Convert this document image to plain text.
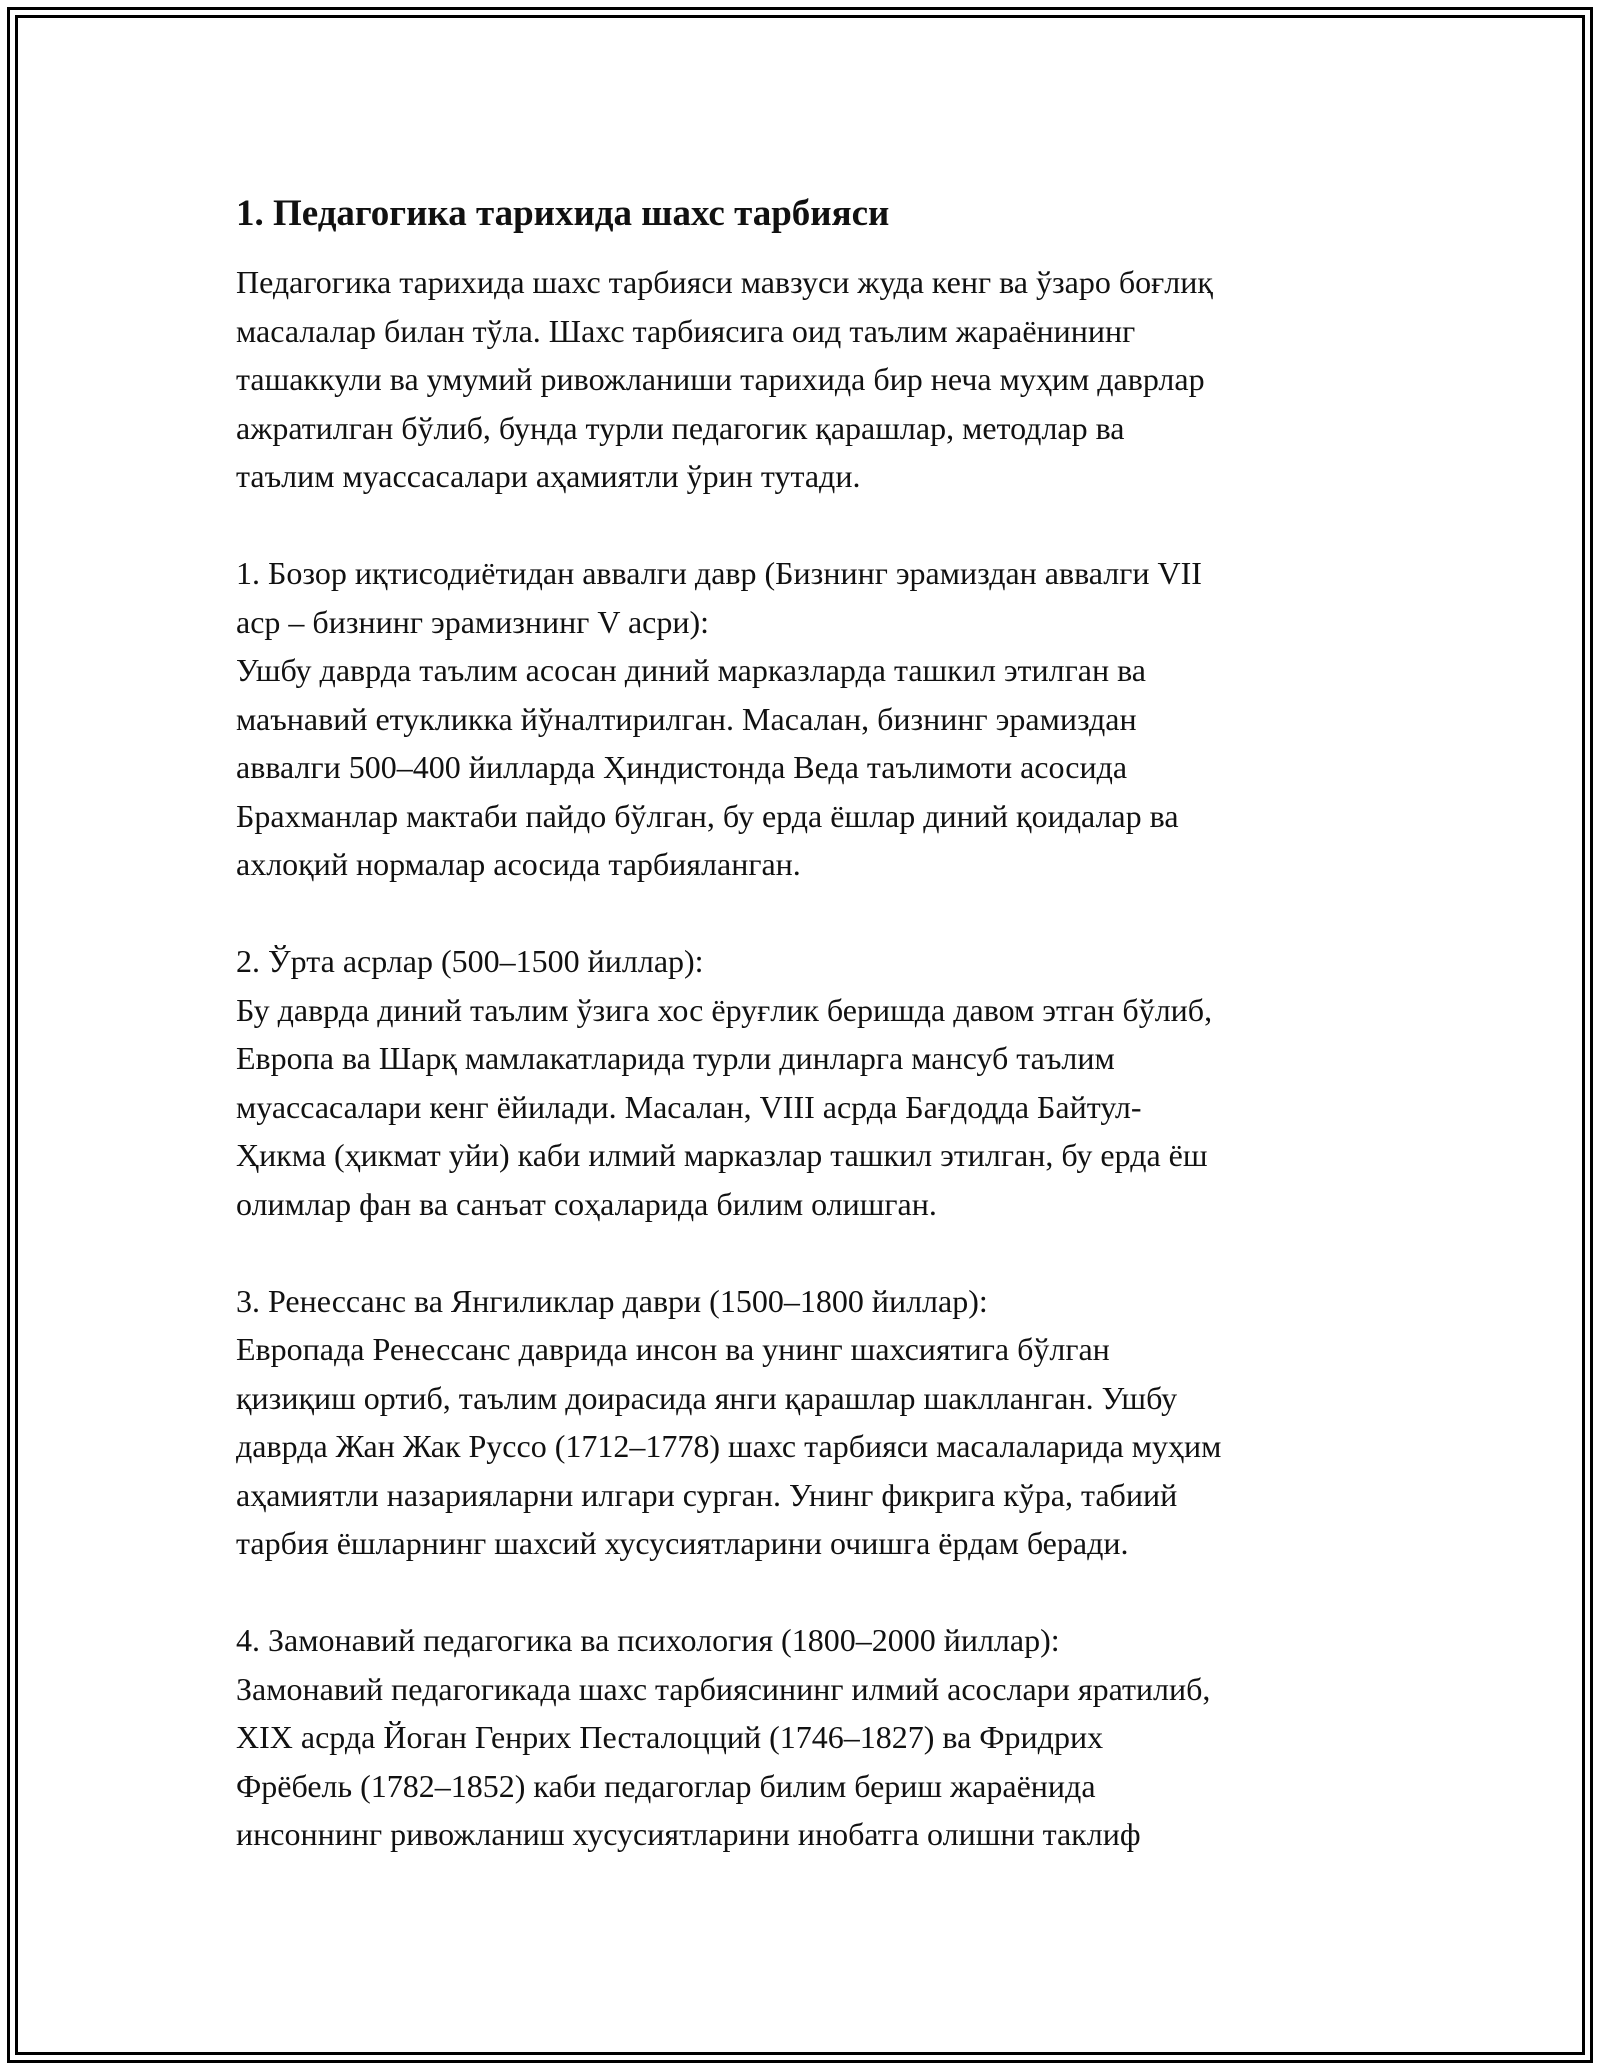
1. Педагогика тарихида шахс тарбияси

Педагогика тарихида шахс тарбияси мавзуси жуда кенг ва ўзаро боғлиқ
масалалар билан тўла. Шахс тарбиясига оид таълим жараёнининг
ташаккули ва умумий ривожланиши тарихида бир неча муҳим даврлар
ажратилган бўлиб, бунда турли педагогик қарашлар, методлар ва
таълим муассасалари аҳамиятли ўрин тутади.

1. Бозор иқтисодиётидан аввалги давр (Бизнинг эрамиздан аввалги VII
аср – бизнинг эрамизнинг V асри):
Ушбу даврда таълим асосан диний марказларда ташкил этилган ва
маънавий етукликка йўналтирилган. Масалан, бизнинг эрамиздан
аввалги 500–400 йилларда Ҳиндистонда Веда таълимоти асосида
Брахманлар мактаби пайдо бўлган, бу ерда ёшлар диний қоидалар ва
ахлоқий нормалар асосида тарбияланган.

2. Ўрта асрлар (500–1500 йиллар):
Бу даврда диний таълим ўзига хос ёруғлик беришда давом этган бўлиб,
Европа ва Шарқ мамлакатларида турли динларга мансуб таълим
муассасалари кенг ёйилади. Масалан, VIII асрда Бағдодда Байтул-
Ҳикма (ҳикмат уйи) каби илмий марказлар ташкил этилган, бу ерда ёш
олимлар фан ва санъат соҳаларида билим олишган.

3. Ренессанс ва Янгиликлар даври (1500–1800 йиллар):
Европада Ренессанс даврида инсон ва унинг шахсиятига бўлган
қизиқиш ортиб, таълим доирасида янги қарашлар шаклланган. Ушбу
даврда Жан Жак Руссо (1712–1778) шахс тарбияси масалаларида муҳим
аҳамиятли назарияларни илгари сурган. Унинг фикрига кўра, табиий
тарбия ёшларнинг шахсий хусусиятларини очишга ёрдам беради.

4. Замонавий педагогика ва психология (1800–2000 йиллар):
Замонавий педагогикада шахс тарбиясининг илмий асослари яратилиб,
XIX асрда Йоган Генрих Песталоцций (1746–1827) ва Фридрих
Фрёбель (1782–1852) каби педагоглар билим бериш жараёнида
инсоннинг ривожланиш хусусиятларини инобатга олишни таклиф
